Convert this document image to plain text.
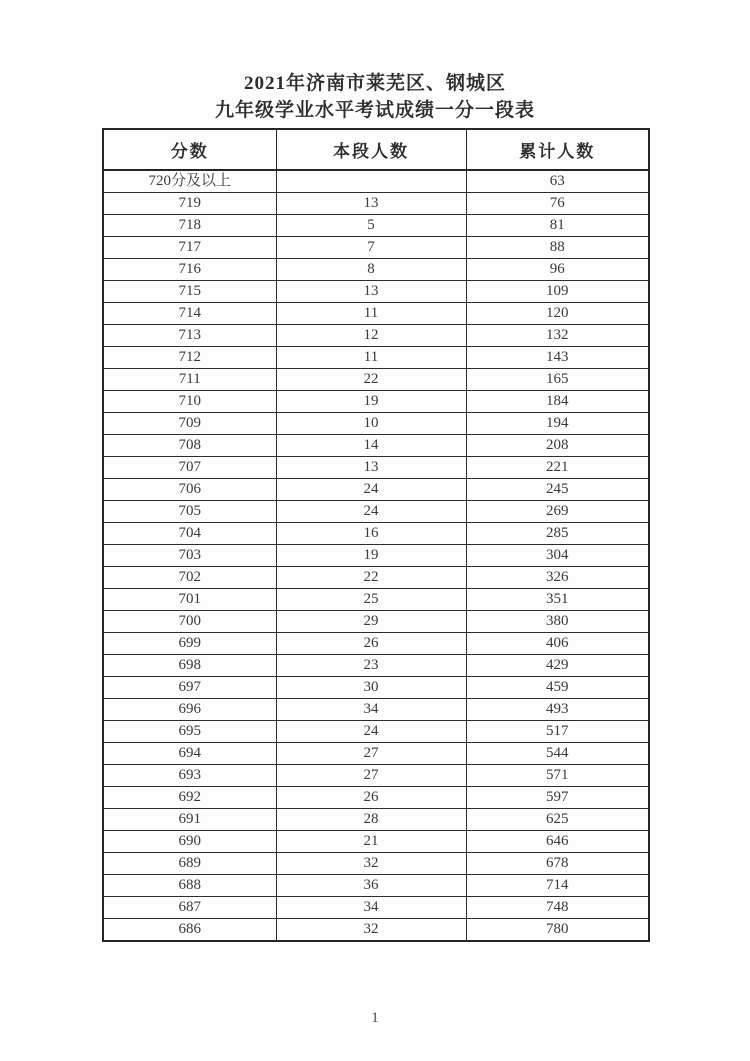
2021年济南市莱芜区、钢城区
九年级学业水平考试成绩一分一段表
分数	本段人数	累计人数
720分及以上		63
719	13	76
718	5	81
717	7	88
716	8	96
715	13	109
714	11	120
713	12	132
712	11	143
711	22	165
710	19	184
709	10	194
708	14	208
707	13	221
706	24	245
705	24	269
704	16	285
703	19	304
702	22	326
701	25	351
700	29	380
699	26	406
698	23	429
697	30	459
696	34	493
695	24	517
694	27	544
693	27	571
692	26	597
691	28	625
690	21	646
689	32	678
688	36	714
687	34	748
686	32	780
1
